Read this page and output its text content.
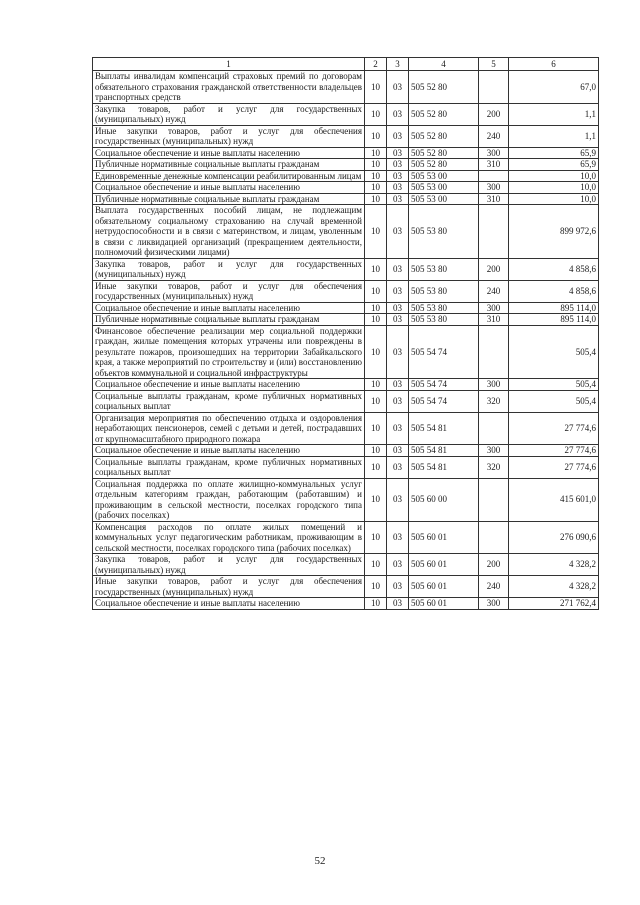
1	2	3	4	5	6
Выплаты инвалидам компенсаций страховых премий по договорам обязательного страхования гражданской ответственности владельцев транспортных средств	10	03	505 52 80		67,0
Закупка товаров, работ и услуг для государственных (муниципальных) нужд	10	03	505 52 80	200	1,1
Иные закупки товаров, работ и услуг для обеспечения государственных (муниципальных) нужд	10	03	505 52 80	240	1,1
Социальное обеспечение и иные выплаты населению	10	03	505 52 80	300	65,9
Публичные нормативные социальные выплаты гражданам	10	03	505 52 80	310	65,9
Единовременные денежные компенсации реабилитированным лицам	10	03	505 53 00		10,0
Социальное обеспечение и иные выплаты населению	10	03	505 53 00	300	10,0
Публичные нормативные социальные выплаты гражданам	10	03	505 53 00	310	10,0
Выплата государственных пособий лицам, не подлежащим обязательному социальному страхованию на случай временной нетрудоспособности и в связи с материнством, и лицам, уволенным в связи с ликвидацией организаций (прекращением деятельности, полномочий физическими лицами)	10	03	505 53 80		899 972,6
Закупка товаров, работ и услуг для государственных (муниципальных) нужд	10	03	505 53 80	200	4 858,6
Иные закупки товаров, работ и услуг для обеспечения государственных (муниципальных) нужд	10	03	505 53 80	240	4 858,6
Социальное обеспечение и иные выплаты населению	10	03	505 53 80	300	895 114,0
Публичные нормативные социальные выплаты гражданам	10	03	505 53 80	310	895 114,0
Финансовое обеспечение реализации мер социальной поддержки граждан, жилые помещения которых утрачены или повреждены в результате пожаров, произошедших на территории Забайкальского края, а также мероприятий по строительству и (или) восстановлению объектов коммунальной и социальной инфраструктуры	10	03	505 54 74		505,4
Социальное обеспечение и иные выплаты населению	10	03	505 54 74	300	505,4
Социальные выплаты гражданам, кроме публичных нормативных социальных выплат	10	03	505 54 74	320	505,4
Организация мероприятия по обеспечению отдыха и оздоровления неработающих пенсионеров, семей с детьми и детей, пострадавших от крупномасштабного природного пожара	10	03	505 54 81		27 774,6
Социальное обеспечение и иные выплаты населению	10	03	505 54 81	300	27 774,6
Социальные выплаты гражданам, кроме публичных нормативных социальных выплат	10	03	505 54 81	320	27 774,6
Социальная поддержка по оплате жилищно-коммунальных услуг отдельным категориям граждан, работающим (работавшим) и проживающим в сельской местности, поселках городского типа (рабочих поселках)	10	03	505 60 00		415 601,0
Компенсация расходов по оплате жилых помещений и коммунальных услуг педагогическим работникам, проживающим в сельской местности, поселках городского типа (рабочих поселках)	10	03	505 60 01		276 090,6
Закупка товаров, работ и услуг для государственных (муниципальных) нужд	10	03	505 60 01	200	4 328,2
Иные закупки товаров, работ и услуг для обеспечения государственных (муниципальных) нужд	10	03	505 60 01	240	4 328,2
Социальное обеспечение и иные выплаты населению	10	03	505 60 01	300	271 762,4
52
